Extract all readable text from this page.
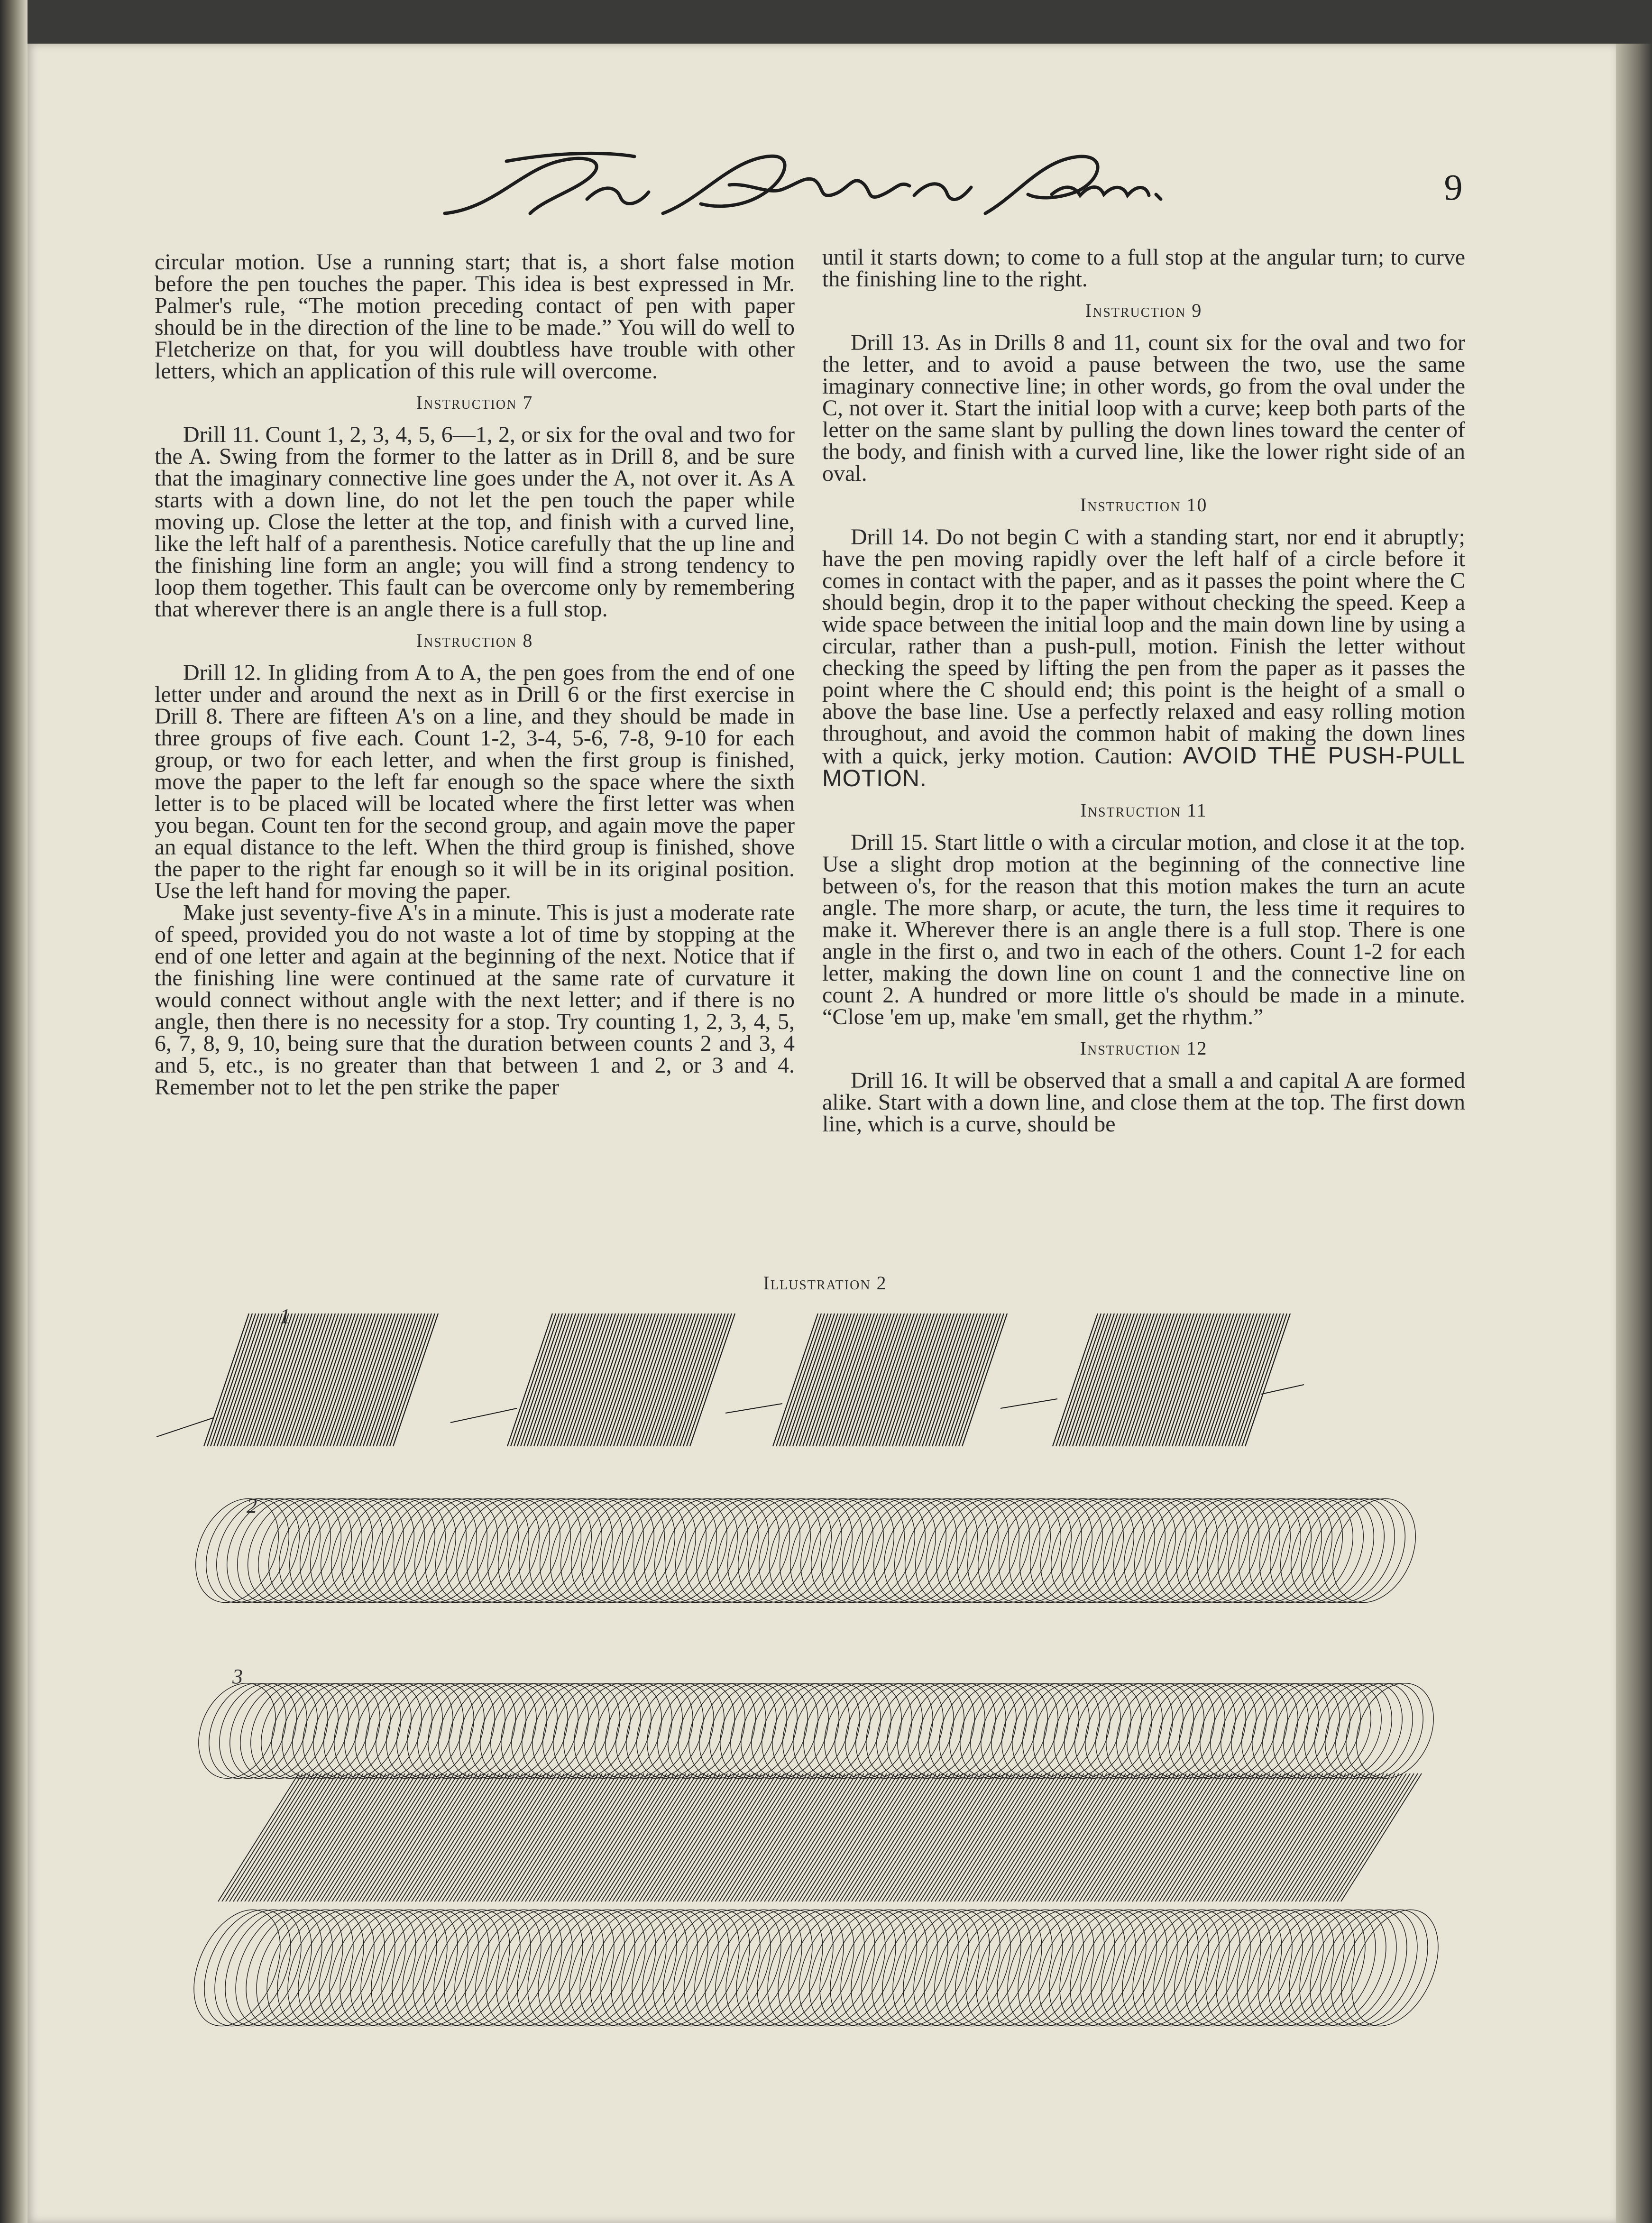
9

circular motion. Use a running start; that is, a short false motion before the pen touches the paper. This idea is best expressed in Mr. Palmer's rule, “The motion preceding contact of pen with paper should be in the direction of the line to be made.” You will do well to Fletcherize on that, for you will doubtless have trouble with other letters, which an application of this rule will overcome.

Instruction 7

Drill 11. Count 1, 2, 3, 4, 5, 6—1, 2, or six for the oval and two for the A. Swing from the former to the latter as in Drill 8, and be sure that the imaginary connective line goes under the A, not over it. As A starts with a down line, do not let the pen touch the paper while moving up. Close the letter at the top, and finish with a curved line, like the left half of a parenthesis. Notice carefully that the up line and the finishing line form an angle; you will find a strong tendency to loop them together. This fault can be overcome only by remembering that wherever there is an angle there is a full stop.

Instruction 8

Drill 12. In gliding from A to A, the pen goes from the end of one letter under and around the next as in Drill 6 or the first exercise in Drill 8. There are fifteen A's on a line, and they should be made in three groups of five each. Count 1-2, 3-4, 5-6, 7-8, 9-10 for each group, or two for each letter, and when the first group is finished, move the paper to the left far enough so the space where the sixth letter is to be placed will be located where the first letter was when you began. Count ten for the second group, and again move the paper an equal distance to the left. When the third group is finished, shove the paper to the right far enough so it will be in its original position. Use the left hand for moving the paper.

Make just seventy-five A's in a minute. This is just a moderate rate of speed, provided you do not waste a lot of time by stopping at the end of one letter and again at the beginning of the next. Notice that if the finishing line were continued at the same rate of curvature it would connect without angle with the next letter; and if there is no angle, then there is no necessity for a stop. Try counting 1, 2, 3, 4, 5, 6, 7, 8, 9, 10, being sure that the duration between counts 2 and 3, 4 and 5, etc., is no greater than that between 1 and 2, or 3 and 4. Remember not to let the pen strike the paper

until it starts down; to come to a full stop at the angular turn; to curve the finishing line to the right.

Instruction 9

Drill 13. As in Drills 8 and 11, count six for the oval and two for the letter, and to avoid a pause between the two, use the same imaginary connective line; in other words, go from the oval under the C, not over it. Start the initial loop with a curve; keep both parts of the letter on the same slant by pulling the down lines toward the center of the body, and finish with a curved line, like the lower right side of an oval.

Instruction 10

Drill 14. Do not begin C with a standing start, nor end it abruptly; have the pen moving rapidly over the left half of a circle before it comes in contact with the paper, and as it passes the point where the C should begin, drop it to the paper without checking the speed. Keep a wide space between the initial loop and the main down line by using a circular, rather than a push-pull, motion. Finish the letter without checking the speed by lifting the pen from the paper as it passes the point where the C should end; this point is the height of a small o above the base line. Use a perfectly relaxed and easy rolling motion throughout, and avoid the common habit of making the down lines with a quick, jerky motion. Caution: AVOID THE PUSH-PULL MOTION.

Instruction 11

Drill 15. Start little o with a circular motion, and close it at the top. Use a slight drop motion at the beginning of the connective line between o's, for the reason that this motion makes the turn an acute angle. The more sharp, or acute, the turn, the less time it requires to make it. Wherever there is an angle there is a full stop. There is one angle in the first o, and two in each of the others. Count 1-2 for each letter, making the down line on count 1 and the connective line on count 2. A hundred or more little o's should be made in a minute. “Close 'em up, make 'em small, get the rhythm.”

Instruction 12

Drill 16. It will be observed that a small a and capital A are formed alike. Start with a down line, and close them at the top. The first down line, which is a curve, should be

Illustration 2
1
2
3
